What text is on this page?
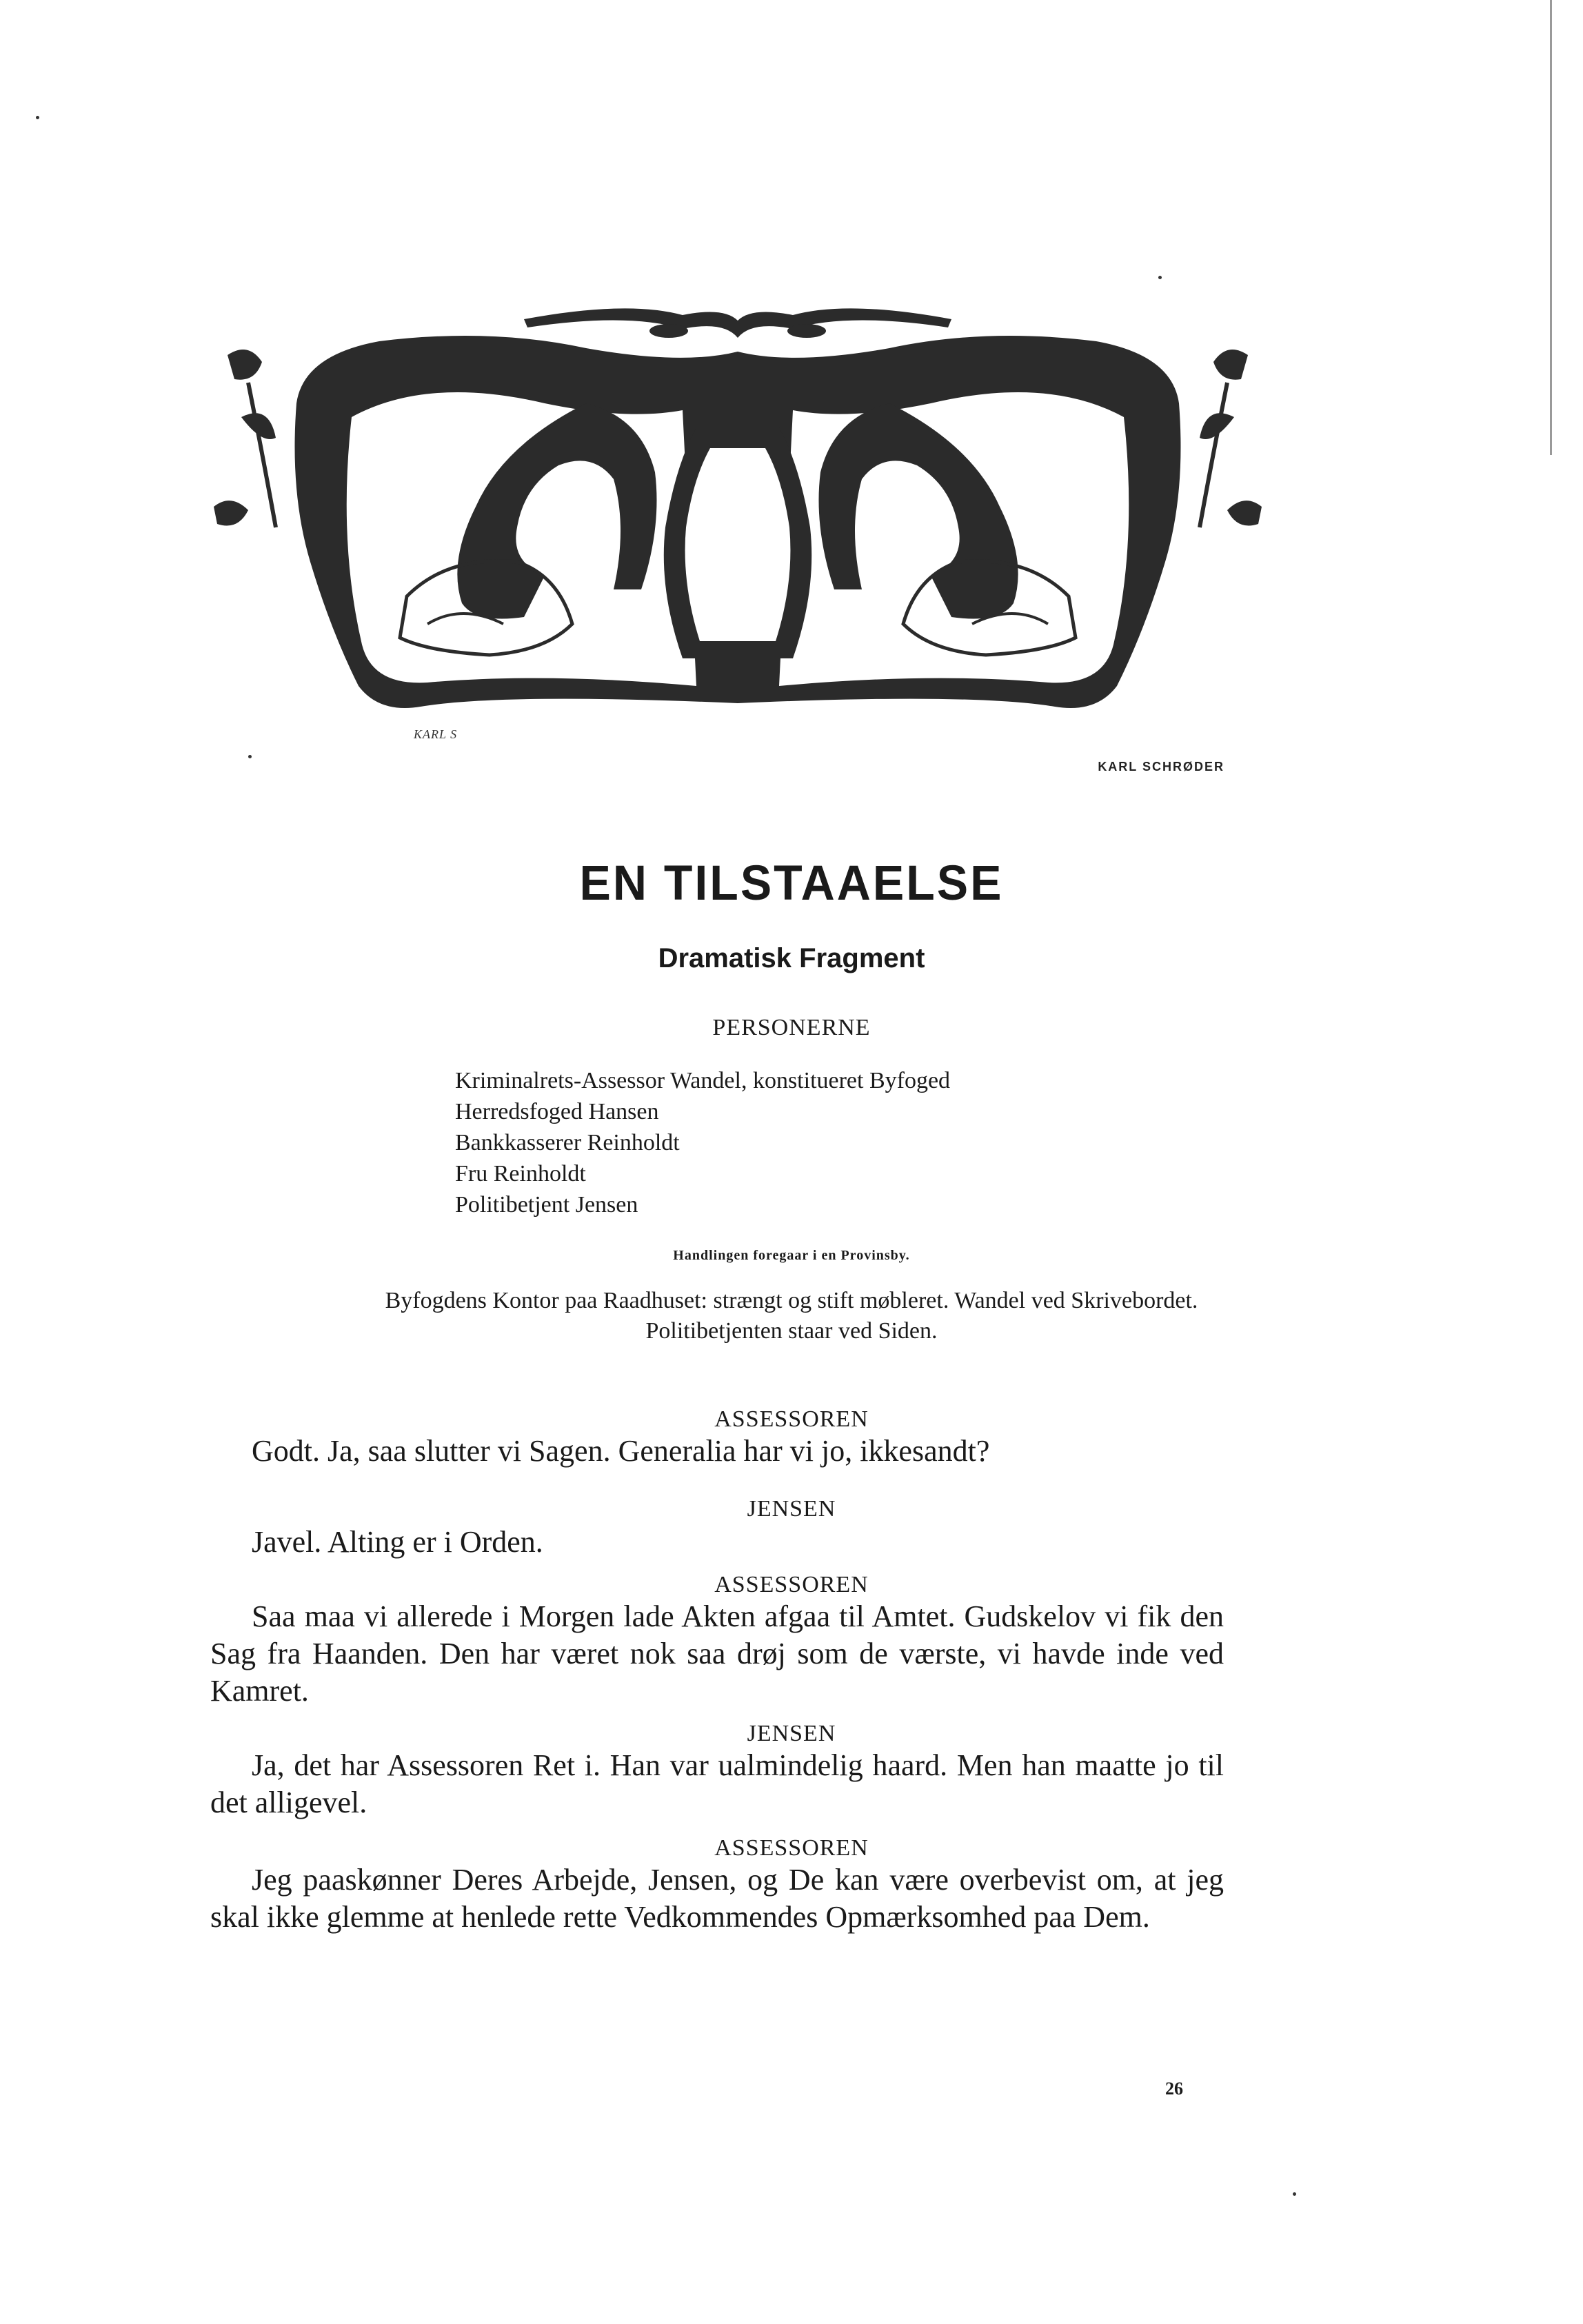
KARL S
KARL SCHRØDER
EN TILSTAAELSE
Dramatisk Fragment
PERSONERNE
Kriminalrets-Assessor Wandel, konstitueret Byfoged
Herredsfoged Hansen
Bankkasserer Reinholdt
Fru Reinholdt
Politibetjent Jensen
Handlingen foregaar i en Provinsby.
Byfogdens Kontor paa Raadhuset: strængt og stift møbleret. Wandel ved Skrivebordet.
Politibetjenten staar ved Siden.
ASSESSOREN
Godt. Ja, saa slutter vi Sagen. Generalia har vi jo, ikkesandt?
JENSEN
Javel. Alting er i Orden.
ASSESSOREN
Saa maa vi allerede i Morgen lade Akten afgaa til Amtet. Gudskelov vi fik den Sag fra Haanden. Den har været nok saa drøj som de værste, vi havde inde ved Kamret.
JENSEN
Ja, det har Assessoren Ret i. Han var ualmindelig haard. Men han maatte jo til det alligevel.
ASSESSOREN
Jeg paaskønner Deres Arbejde, Jensen, og De kan være overbevist om, at jeg skal ikke glemme at henlede rette Vedkommendes Opmærksomhed paa Dem.
26
